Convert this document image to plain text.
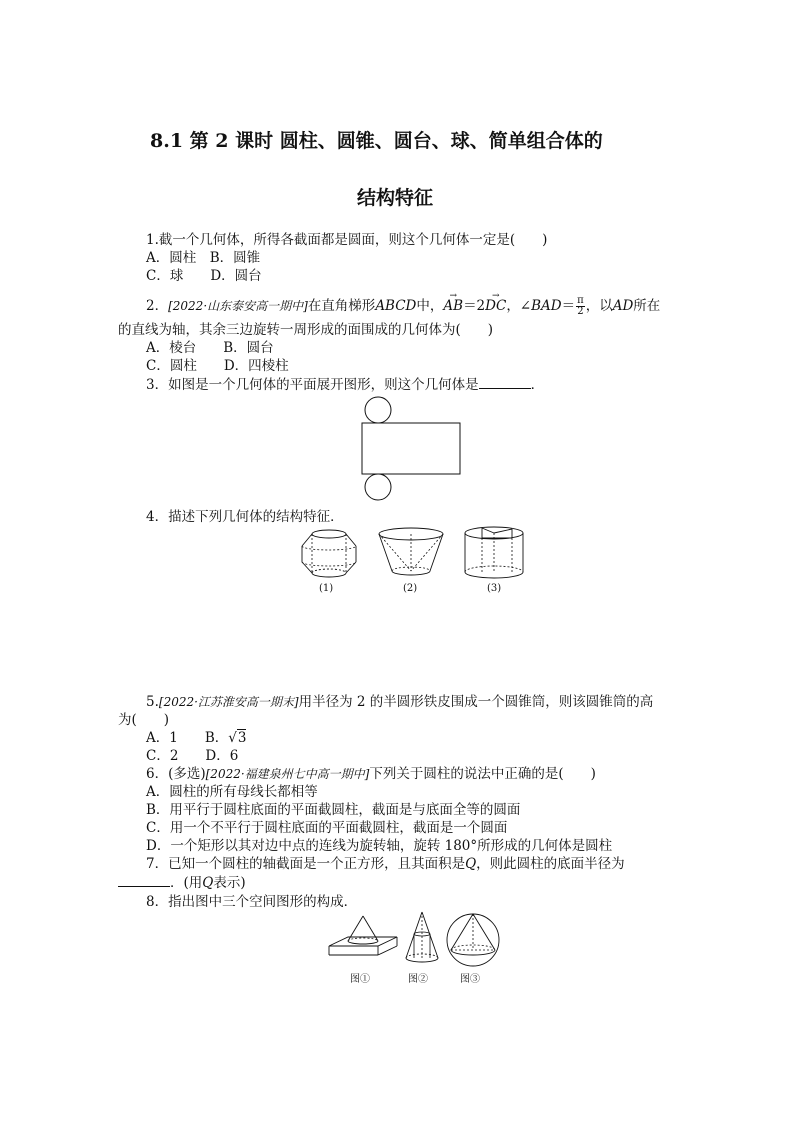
8.1 第 2 课时 圆柱、圆锥、圆台、球、简单组合体的
结构特征
1.截一个几何体，所得各截面都是圆面，则这个几何体一定是(　　)
A．圆柱　B．圆锥
C．球　　D．圆台
2．[2022·山东泰安高一期中]在直角梯形ABCD中，→ AB＝2→ DC，∠BAD＝ $\frac{\pi}{2}$ ，以AD所在
的直线为轴，其余三边旋转一周形成的面围成的几何体为(　　)
A．棱台　　B．圆台
C．圆柱　　D．四棱柱
3．如图是一个几何体的平面展开图形，则这个几何体是	．
4．描述下列几何体的结构特征．
(1)	(2)	(3)
5.[2022·江苏淮安高一期末]用半径为 2 的半圆形铁皮围成一个圆锥筒，则该圆锥筒的高
为(　　)
A．1　　B．√3
C．2　　D．6
6．(多选)[2022·福建泉州七中高一期中]下列关于圆柱的说法中正确的是(　　)
A．圆柱的所有母线长都相等
B．用平行于圆柱底面的平面截圆柱，截面是与底面全等的圆面
C．用一个不平行于圆柱底面的平面截圆柱，截面是一个圆面
D．一个矩形以其对边中点的连线为旋转轴，旋转 180°所形成的几何体是圆柱
7．已知一个圆柱的轴截面是一个正方形，且其面积是Q，则此圆柱的底面半径为
．(用Q表示)
8．指出图中三个空间图形的构成．
图①	图②	图③
